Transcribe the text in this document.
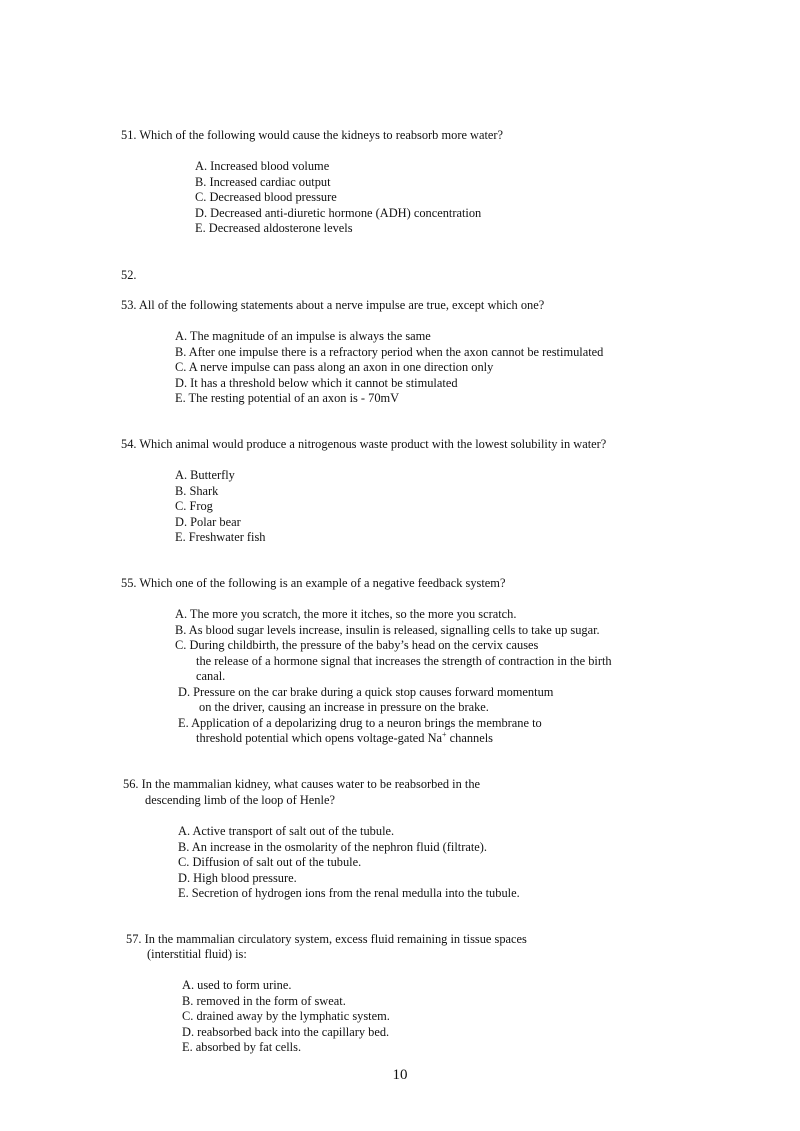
51. Which of the following would cause the kidneys to reabsorb more water?
A. Increased blood volume
B. Increased cardiac output
C. Decreased blood pressure
D. Decreased anti-diuretic hormone (ADH) concentration
E. Decreased aldosterone levels
52.
53. All of the following statements about a nerve impulse are true, except which one?
A. The magnitude of an impulse is always the same
B. After one impulse there is a refractory period when the axon cannot be restimulated
C. A nerve impulse can pass along an axon in one direction only
D. It has a threshold below which it cannot be stimulated
E. The resting potential of an axon is - 70mV
54. Which animal would produce a nitrogenous waste product with the lowest solubility in water?
A. Butterfly
B. Shark
C. Frog
D. Polar bear
E. Freshwater fish
55. Which one of the following is an example of a negative feedback system?
A. The more you scratch, the more it itches, so the more you scratch.
B. As blood sugar levels increase, insulin is released, signalling cells to take up sugar.
C. During childbirth, the pressure of the baby’s head on the cervix causes
the release of a hormone signal that increases the strength of contraction in the birth
canal.
D. Pressure on the car brake during a quick stop causes forward momentum
on the driver, causing an increase in pressure on the brake.
E. Application of a depolarizing drug to a neuron brings the membrane to
threshold potential which opens voltage-gated Na+ channels
56. In the mammalian kidney, what causes water to be reabsorbed in the
descending limb of the loop of Henle?
A. Active transport of salt out of the tubule.
B. An increase in the osmolarity of the nephron fluid (filtrate).
C. Diffusion of salt out of the tubule.
D. High blood pressure.
E. Secretion of hydrogen ions from the renal medulla into the tubule.
57. In the mammalian circulatory system, excess fluid remaining in tissue spaces
(interstitial fluid) is:
A. used to form urine.
B. removed in the form of sweat.
C. drained away by the lymphatic system.
D. reabsorbed back into the capillary bed.
E. absorbed by fat cells.
10
